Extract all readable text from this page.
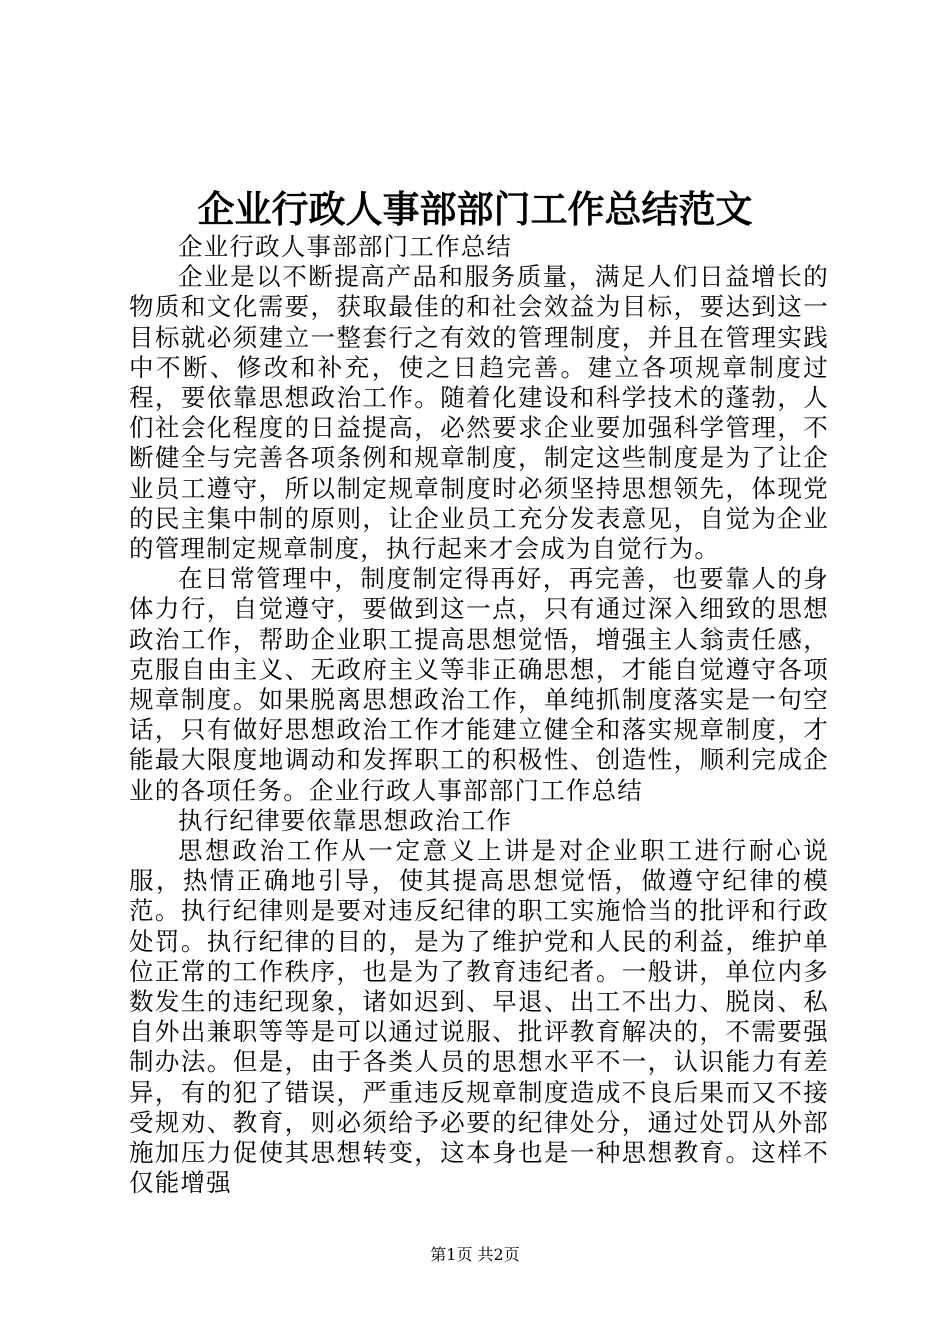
企业行政人事部部门工作总结范文

企业行政人事部部门工作总结

企业是以不断提高产品和服务质量，满足人们日益增长的物质和文化需要，获取最佳的和社会效益为目标，要达到这一目标就必须建立一整套行之有效的管理制度，并且在管理实践中不断、修改和补充，使之日趋完善。建立各项规章制度过程，要依靠思想政治工作。随着化建设和科学技术的蓬勃，人们社会化程度的日益提高，必然要求企业要加强科学管理，不断健全与完善各项条例和规章制度，制定这些制度是为了让企业员工遵守，所以制定规章制度时必须坚持思想领先，体现党的民主集中制的原则，让企业员工充分发表意见，自觉为企业的管理制定规章制度，执行起来才会成为自觉行为。

在日常管理中，制度制定得再好，再完善，也要靠人的身体力行，自觉遵守，要做到这一点，只有通过深入细致的思想政治工作，帮助企业职工提高思想觉悟，增强主人翁责任感，克服自由主义、无政府主义等非正确思想，才能自觉遵守各项规章制度。如果脱离思想政治工作，单纯抓制度落实是一句空话，只有做好思想政治工作才能建立健全和落实规章制度，才能最大限度地调动和发挥职工的积极性、创造性，顺利完成企业的各项任务。企业行政人事部部门工作总结

执行纪律要依靠思想政治工作

思想政治工作从一定意义上讲是对企业职工进行耐心说服，热情正确地引导，使其提高思想觉悟，做遵守纪律的模范。执行纪律则是要对违反纪律的职工实施恰当的批评和行政处罚。执行纪律的目的，是为了维护党和人民的利益，维护单位正常的工作秩序，也是为了教育违纪者。一般讲，单位内多数发生的违纪现象，诸如迟到、早退、出工不出力、脱岗、私自外出兼职等等是可以通过说服、批评教育解决的，不需要强制办法。但是，由于各类人员的思想水平不一，认识能力有差异，有的犯了错误，严重违反规章制度造成不良后果而又不接受规劝、教育，则必须给予必要的纪律处分，通过处罚从外部施加压力促使其思想转变，这本身也是一种思想教育。这样不仅能增强

第1页 共2页
